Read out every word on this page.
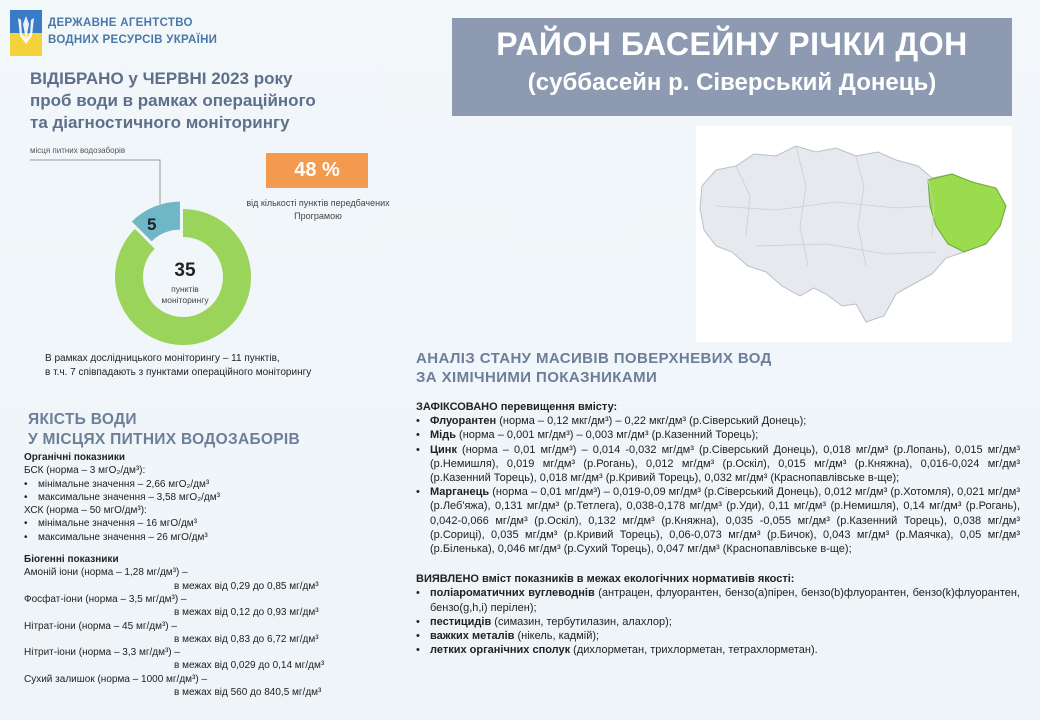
ДЕРЖАВНЕ АГЕНТСТВО
ВОДНИХ РЕСУРСІВ УКРАЇНИ	РАЙОН БАСЕЙНУ РІЧКИ ДОН
(суббасейн р. Сіверський Донець)
ВІДІБРАНО у ЧЕРВНІ 2023 року
проб води в рамках операційного
та діагностичного моніторингу
місця питних водозаборів
48 %
від кількості пунктів передбачених Програмою
5
35
пунктів моніторингу
В рамках дослідницького моніторингу – 11 пунктів,
в т.ч. 7 співпадають з пунктами операційного моніторингу
ЯКІСТЬ ВОДИ
У МІСЦЯХ ПИТНИХ ВОДОЗАБОРІВ
Органічні показники
БСК (норма – 3 мгО₂/дм³):
• мінімальне значення – 2,66 мгО₂/дм³
• максимальне значення – 3,58 мгО₂/дм³
ХСК (норма – 50 мгО/дм³):
• мінімальне значення – 16 мгО/дм³
• максимальне значення – 26 мгО/дм³
Біогенні показники
Амоній іони (норма – 1,28 мг/дм³) –
в межах від 0,29 до 0,85 мг/дм³
Фосфат-іони (норма – 3,5 мг/дм³) –
в межах від 0,12 до 0,93 мг/дм³
Нітрат-іони (норма – 45 мг/дм³) –
в межах від 0,83 до 6,72 мг/дм³
Нітрит-іони (норма – 3,3 мг/дм³) –
в межах від 0,029 до 0,14 мг/дм³
Сухий залишок (норма – 1000 мг/дм³) –
в межах від 560 до 840,5 мг/дм³
АНАЛІЗ СТАНУ МАСИВІВ ПОВЕРХНЕВИХ ВОД
ЗА ХІМІЧНИМИ ПОКАЗНИКАМИ
ЗАФІКСОВАНО перевищення вмісту:
• Флуорантен (норма – 0,12 мкг/дм³) – 0,22 мкг/дм³ (р.Сіверський Донець);
• Мідь (норма – 0,001 мг/дм³) – 0,003 мг/дм³ (р.Казенний Торець);
• Цинк (норма – 0,01 мг/дм³) – 0,014 -0,032 мг/дм³ (р.Сіверський Донець), 0,018 мг/дм³ (р.Лопань), 0,015 мг/дм³ (р.Немишля), 0,019 мг/дм³ (р.Рогань), 0,012 мг/дм³ (р.Оскіл), 0,015 мг/дм³ (р.Княжна), 0,016-0,024 мг/дм³ (р.Казенний Торець), 0,018 мг/дм³ (р.Кривий Торець), 0,032 мг/дм³ (Краснопавлівське в-ще);
• Марганець (норма – 0,01 мг/дм³) – 0,019-0,09 мг/дм³ (р.Сіверський Донець), 0,012 мг/дм³ (р.Хотомля), 0,021 мг/дм³ (р.Леб'яжа), 0,131 мг/дм³ (р.Тетлега), 0,038-0,178 мг/дм³ (р.Уди), 0,11 мг/дм³ (р.Немишля), 0,14 мг/дм³ (р.Рогань), 0,042-0,066 мг/дм³ (р.Оскіл), 0,132 мг/дм³ (р.Княжна), 0,035 -0,055 мг/дм³ (р.Казенний Торець), 0,038 мг/дм³ (р.Сориці), 0,035 мг/дм³ (р.Кривий Торець), 0,06-0,073 мг/дм³ (р.Бичок), 0,043 мг/дм³ (р.Маячка), 0,05 мг/дм³ (р.Біленька), 0,046 мг/дм³ (р.Сухий Торець), 0,047 мг/дм³ (Краснопавлівське в-ще);
ВИЯВЛЕНО вміст показників в межах екологічних нормативів якості:
• поліароматичних вуглеводнів (антрацен, флуорантен, бензо(а)пірен, бензо(b)флуорантен, бензо(k)флуорантен, бензо(g,h,i) перілен);
• пестицидів (симазин, тербутилазин, алахлор);
• важких металів (нікель, кадмій);
• летких органічних сполук (дихлорметан, трихлорметан, тетрахлорметан).
